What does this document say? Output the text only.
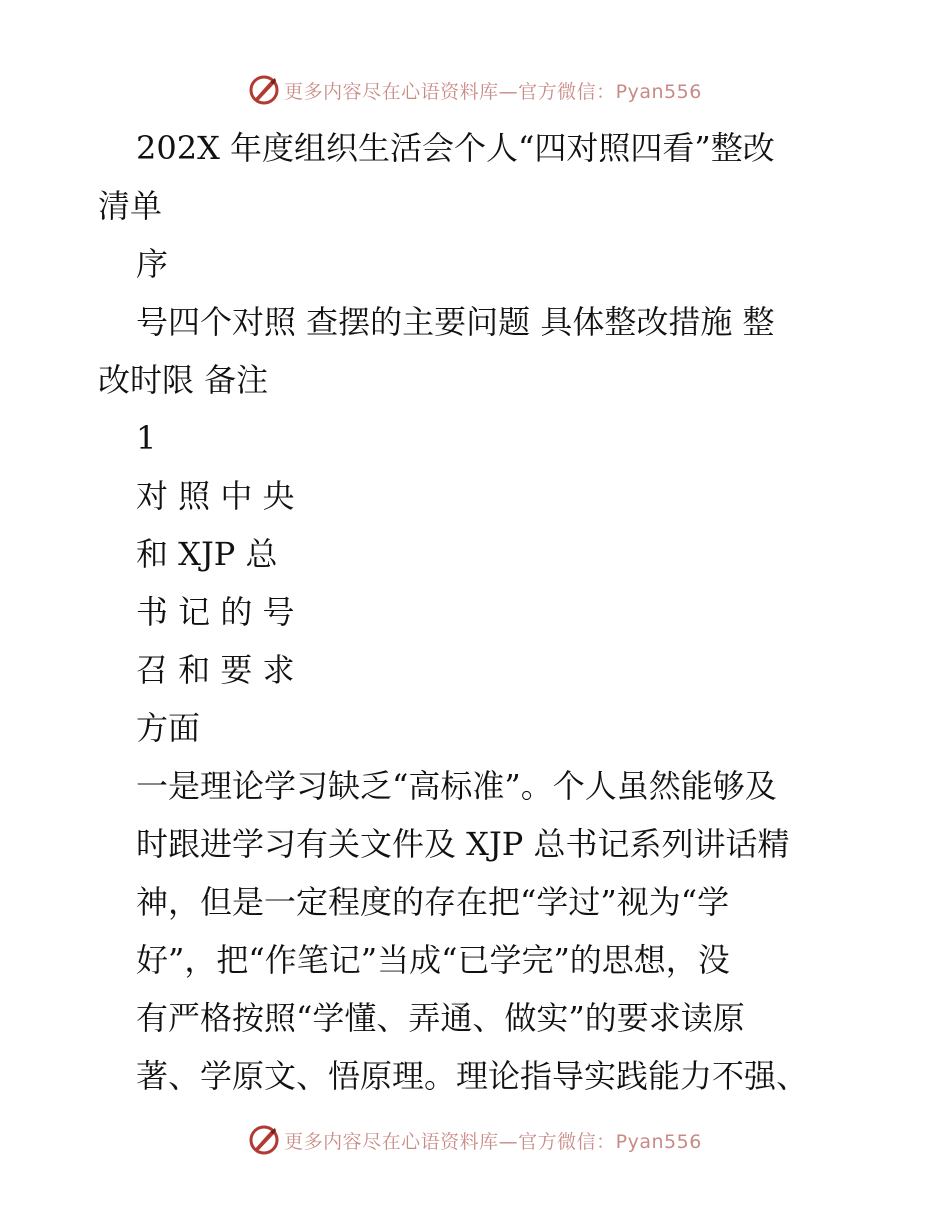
更多内容尽在心语资料库—官方微信：Pyan556
202X 年度组织生活会个人“四对照四看”整改
清单
序
号四个对照 查摆的主要问题 具体整改措施 整
改时限 备注
1
对 照 中 央
和 XJP 总
书 记 的 号
召 和 要 求
方面
一是理论学习缺乏“高标准”。个人虽然能够及
时跟进学习有关文件及 XJP 总书记系列讲话精
神，但是一定程度的存在把“学过”视为“学
好”，把“作笔记”当成“已学完”的思想，没
有严格按照“学懂、弄通、做实”的要求读原
著、学原文、悟原理。理论指导实践能力不强、
更多内容尽在心语资料库—官方微信：Pyan556
